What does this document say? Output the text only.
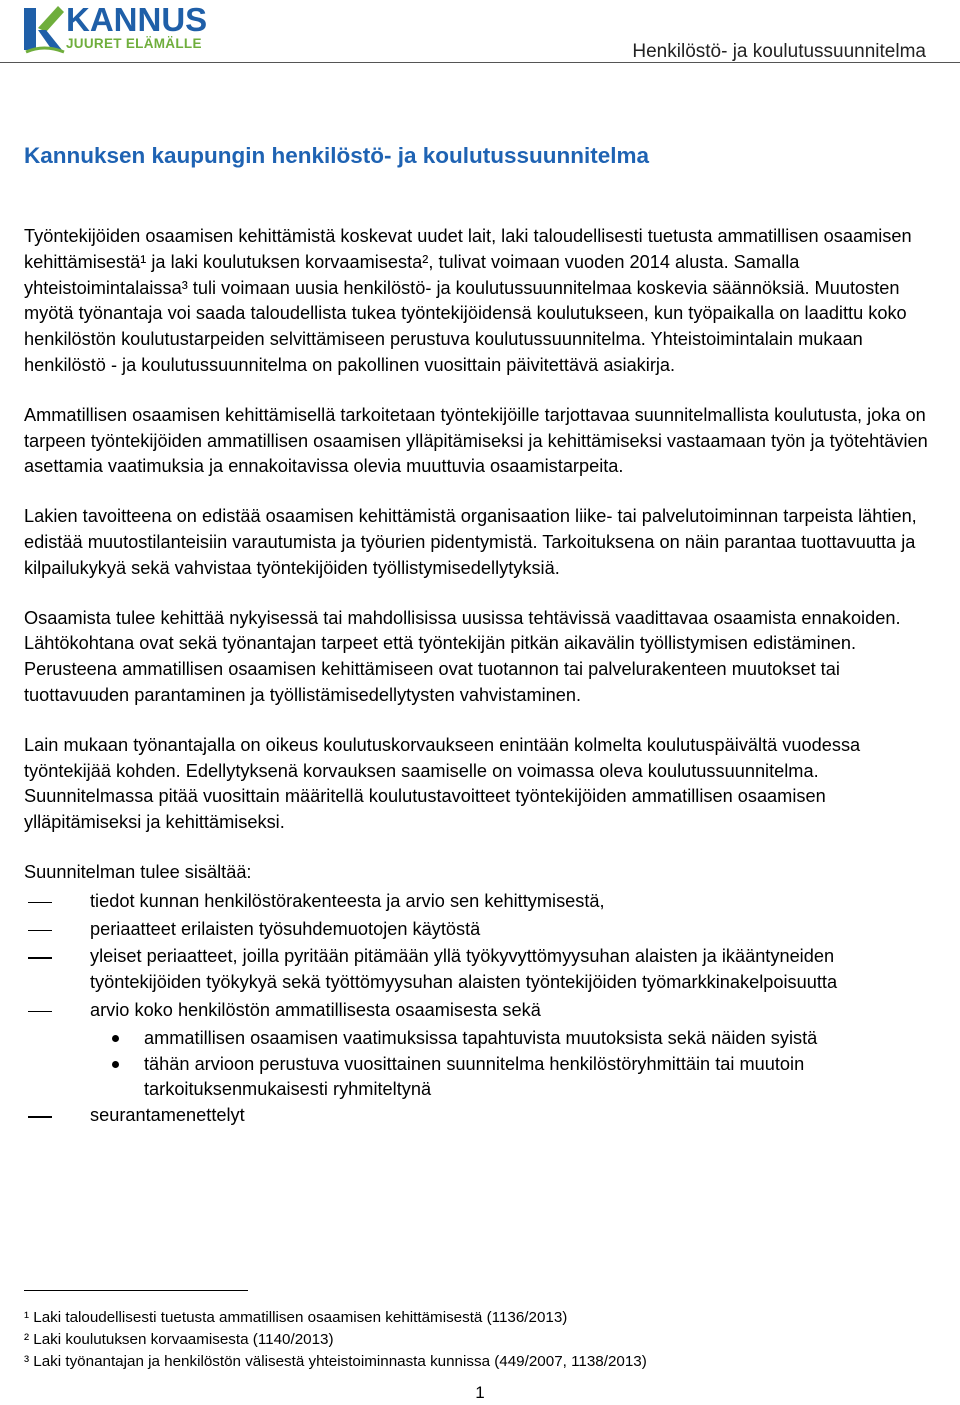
KANNUS
JUURET ELÄMÄLLE	Henkilöstö- ja koulutussuunnitelma
Kannuksen kaupungin henkilöstö- ja koulutussuunnitelma

Työntekijöiden osaamisen kehittämistä koskevat uudet lait, laki taloudellisesti tuetusta ammatillisen osaamisen kehittämisestä¹ ja laki koulutuksen korvaamisesta², tulivat voimaan vuoden 2014 alusta. Samalla yhteistoimintalaissa³ tuli voimaan uusia henkilöstö- ja koulutussuunnitelmaa koskevia säännöksiä. Muutosten myötä työnantaja voi saada taloudellista tukea työntekijöidensä koulutukseen, kun työpaikalla on laadittu koko henkilöstön koulutustarpeiden selvittämiseen perustuva koulutussuunnitelma. Yhteistoimintalain mukaan henkilöstö - ja koulutussuunnitelma on pakollinen vuosittain päivitettävä asiakirja.

Ammatillisen osaamisen kehittämisellä tarkoitetaan työntekijöille tarjottavaa suunnitelmallista koulutusta, joka on tarpeen työntekijöiden ammatillisen osaamisen ylläpitämiseksi ja kehittämiseksi vastaamaan työn ja työtehtävien asettamia vaatimuksia ja ennakoitavissa olevia muuttuvia osaamistarpeita.

Lakien tavoitteena on edistää osaamisen kehittämistä organisaation liike- tai palvelutoiminnan tarpeista lähtien, edistää muutostilanteisiin varautumista ja työurien pidentymistä. Tarkoituksena on näin parantaa tuottavuutta ja kilpailukykyä sekä vahvistaa työntekijöiden työllistymisedellytyksiä.

Osaamista tulee kehittää nykyisessä tai mahdollisissa uusissa tehtävissä vaadittavaa osaamista ennakoiden. Lähtökohtana ovat sekä työnantajan tarpeet että työntekijän pitkän aikavälin työllistymisen edistäminen. Perusteena ammatillisen osaamisen kehittämiseen ovat tuotannon tai palvelurakenteen muutokset tai tuottavuuden parantaminen ja työllistämisedellytysten vahvistaminen.

Lain mukaan työnantajalla on oikeus koulutuskorvaukseen enintään kolmelta koulutuspäivältä vuodessa työntekijää kohden. Edellytyksenä korvauksen saamiselle on voimassa oleva koulutussuunnitelma. Suunnitelmassa pitää vuosittain määritellä koulutustavoitteet työntekijöiden ammatillisen osaamisen ylläpitämiseksi ja kehittämiseksi.

Suunnitelman tulee sisältää:

tiedot kunnan henkilöstörakenteesta ja arvio sen kehittymisestä,
periaatteet erilaisten työsuhdemuotojen käytöstä
yleiset periaatteet, joilla pyritään pitämään yllä työkyvyttömyysuhan alaisten ja ikääntyneiden työntekijöiden työkykyä sekä työttömyysuhan alaisten työntekijöiden työmarkkinakelpoisuutta
arvio koko henkilöstön ammatillisesta osaamisesta sekä
ammatillisen osaamisen vaatimuksissa tapahtuvista muutoksista sekä näiden syistä
tähän arvioon perustuva vuosittainen suunnitelma henkilöstöryhmittäin tai muutoin tarkoituksenmukaisesti ryhmiteltynä
seurantamenettelyt
¹ Laki taloudellisesti tuetusta ammatillisen osaamisen kehittämisestä (1136/2013)
² Laki koulutuksen korvaamisesta (1140/2013)
³ Laki työnantajan ja henkilöstön välisestä yhteistoiminnasta kunnissa (449/2007, 1138/2013)
1
